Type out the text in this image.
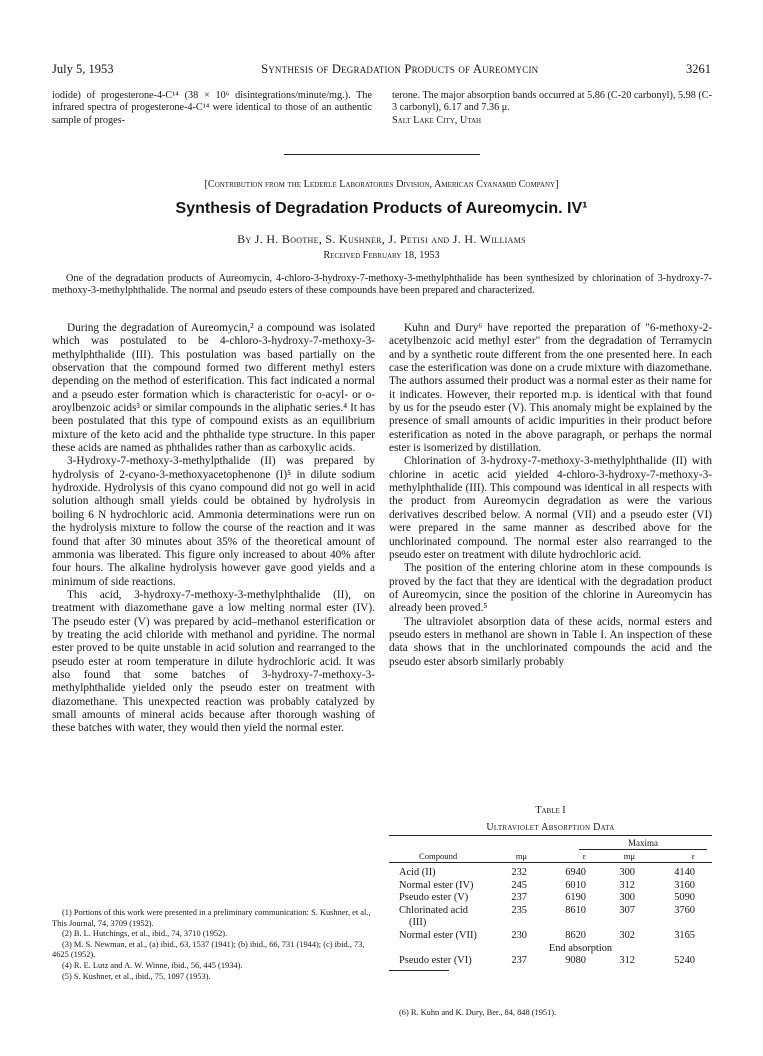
July 5, 1953	Synthesis of Degradation Products of Aureomycin	3261

iodide) of progesterone-4-C¹⁴ (38 × 10⁶ disintegrations/minute/mg.). The infrared spectra of progesterone-4-C¹⁴ were identical to those of an authentic sample of proges-

terone. The major absorption bands occurred at 5.86 (C-20 carbonyl), 5.98 (C-3 carbonyl), 6.17 and 7.36 μ.

Salt Lake City, Utah

[Contribution from the Lederle Laboratories Division, American Cyanamid Company]
Synthesis of Degradation Products of Aureomycin. IV¹
By J. H. Boothe, S. Kushner, J. Petisi and J. H. Williams
Received February 18, 1953

One of the degradation products of Aureomycin, 4-chloro-3-hydroxy-7-methoxy-3-methylphthalide has been synthesized by chlorination of 3-hydroxy-7-methoxy-3-methylphthalide. The normal and pseudo esters of these compounds have been prepared and characterized.

During the degradation of Aureomycin,² a compound was isolated which was postulated to be 4-chloro-3-hydroxy-7-methoxy-3-methylphthalide (III). This postulation was based partially on the observation that the compound formed two different methyl esters depending on the method of esterification. This fact indicated a normal and a pseudo ester formation which is characteristic for o-acyl- or o-aroylbenzoic acids³ or similar compounds in the aliphatic series.⁴ It has been postulated that this type of compound exists as an equilibrium mixture of the keto acid and the phthalide type structure. In this paper these acids are named as phthalides rather than as carboxylic acids.

3-Hydroxy-7-methoxy-3-methylpthalide (II) was prepared by hydrolysis of 2-cyano-3-methoxyacetophenone (I)⁵ in dilute sodium hydroxide. Hydrolysis of this cyano compound did not go well in acid solution although small yields could be obtained by hydrolysis in boiling 6 N hydrochloric acid. Ammonia determinations were run on the hydrolysis mixture to follow the course of the reaction and it was found that after 30 minutes about 35% of the theoretical amount of ammonia was liberated. This figure only increased to about 40% after four hours. The alkaline hydrolysis however gave good yields and a minimum of side reactions.

This acid, 3-hydroxy-7-methoxy-3-methylphthalide (II), on treatment with diazomethane gave a low melting normal ester (IV). The pseudo ester (V) was prepared by acid–methanol esterification or by treating the acid chloride with methanol and pyridine. The normal ester proved to be quite unstable in acid solution and rearranged to the pseudo ester at room temperature in dilute hydrochloric acid. It was also found that some batches of 3-hydroxy-7-methoxy-3-methylphthalide yielded only the pseudo ester on treatment with diazomethane. This unexpected reaction was probably catalyzed by small amounts of mineral acids because after thorough washing of these batches with water, they would then yield the normal ester.

(1) Portions of this work were presented in a preliminary communication: S. Kushner, et al., This Journal, 74, 3709 (1952).
(2) B. L. Hutchings, et al., ibid., 74, 3710 (1952).
(3) M. S. Newman, et al., (a) ibid., 63, 1537 (1941); (b) ibid., 66, 731 (1944); (c) ibid., 73, 4625 (1952).
(4) R. E. Lutz and A. W. Winne, ibid., 56, 445 (1934).
(5) S. Kushner, et al., ibid., 75, 1097 (1953).

Kuhn and Dury⁶ have reported the preparation of "6-methoxy-2-acetylbenzoic acid methyl ester" from the degradation of Terramycin and by a synthetic route different from the one presented here. In each case the esterification was done on a crude mixture with diazomethane. The authors assumed their product was a normal ester as their name for it indicates. However, their reported m.p. is identical with that found by us for the pseudo ester (V). This anomaly might be explained by the presence of small amounts of acidic impurities in their product before esterification as noted in the above paragraph, or perhaps the normal ester is isomerized by distillation.

Chlorination of 3-hydroxy-7-methoxy-3-methylphthalide (II) with chlorine in acetic acid yielded 4-chloro-3-hydroxy-7-methoxy-3-methylphthalide (III). This compound was identical in all respects with the product from Aureomycin degradation as were the various derivatives described below. A normal (VII) and a pseudo ester (VI) were prepared in the same manner as described above for the unchlorinated compound. The normal ester also rearranged to the pseudo ester on treatment with dilute hydrochloric acid.

The position of the entering chlorine atom in these compounds is proved by the fact that they are identical with the degradation product of Aureomycin, since the position of the chlorine in Aureomycin has already been proved.⁵

The ultraviolet absorption data of these acids, normal esters and pseudo esters in methanol are shown in Table I. An inspection of these data shows that in the unchlorinated compounds the acid and the pseudo ester absorb similarly probably

Table I
Ultraviolet Absorption Data
Maxima
Compound	mμ	ε	mμ	ε
Acid (II)	232	6940	300	4140
Normal ester (IV)	245	6010	312	3160
Pseudo ester (V)	237	6190	300	5090
Chlorinated acid	235	8610	307	3760
(III)
Normal ester (VII)	230	8620	302	3165
End absorption
Pseudo ester (VI)	237	9080	312	5240
(6) R. Kuhn and K. Dury, Ber., 84, 848 (1951).
